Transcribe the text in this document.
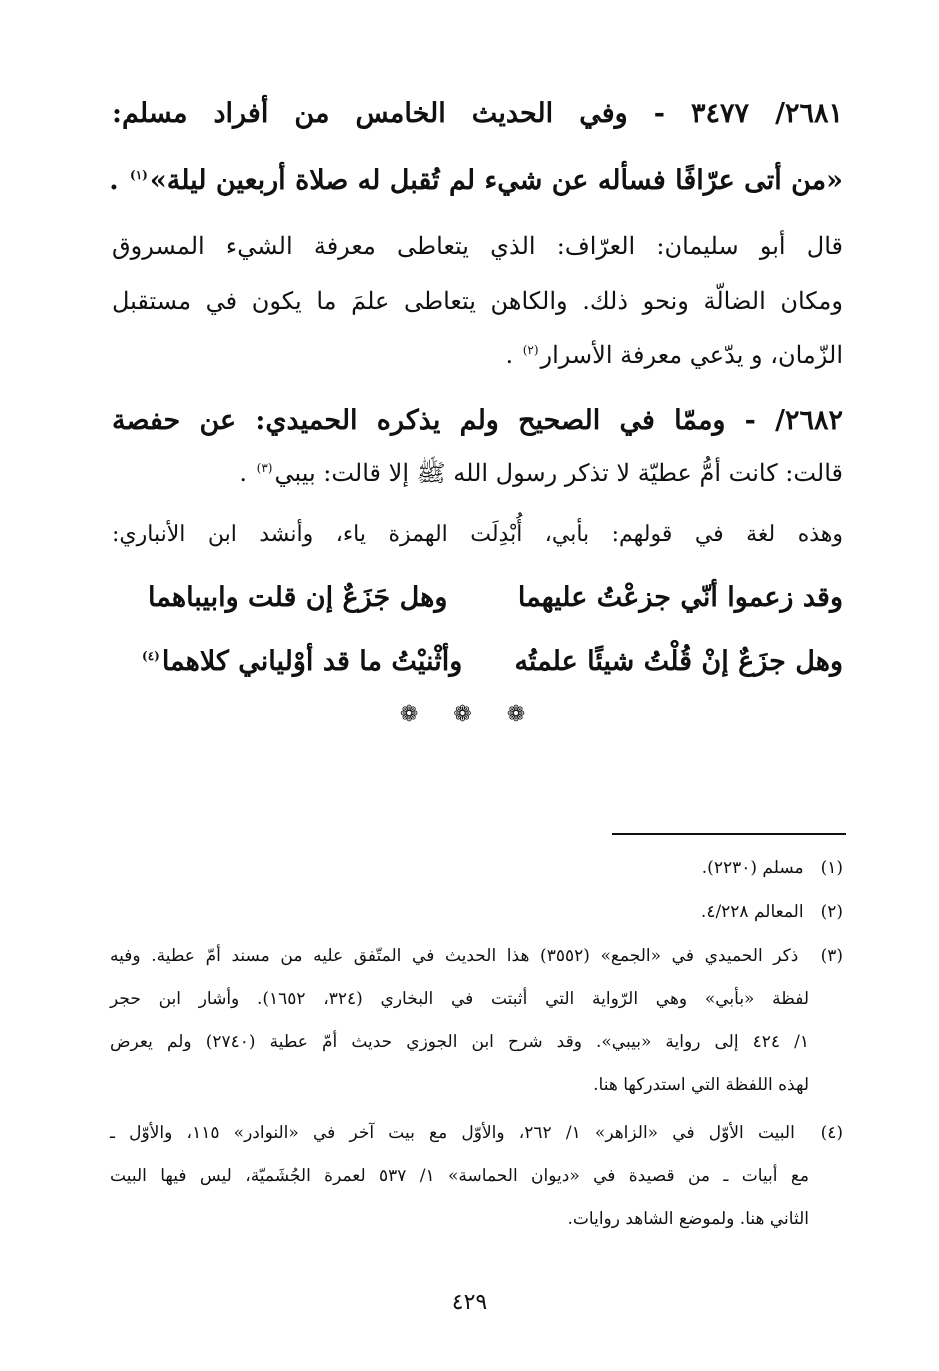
٢٦٨١/ ٣٤٧٧ - وفي الحديث الخامس من أفراد مسلم:
«من أتى عرّافًا فسأله عن شيء لم تُقبل له صلاة أربعين ليلة»$^{(١)}$ .
قال أبو سليمان: العرّاف: الذي يتعاطى معرفة الشيء المسروق
ومكان الضالّة ونحو ذلك. والكاهن يتعاطى علمَ ما يكون في مستقبل
الزّمان، و يدّعي معرفة الأسرار$^{(٢)}$ .
٢٦٨٢/ - وممّا في الصحيح ولم يذكره الحميدي: عن حفصة
قالت: كانت أمُّ عطيّة لا تذكر رسول الله ﷺ إلا قالت: بيبي$^{(٣)}$ .
وهذه لغة في قولهم: بأبي، أُبْدِلَت الهمزة ياء، وأنشد ابن الأنباري:
وقد زعموا أنّي جزعْتُ عليهما
وهل جَزَعٌ إن قلت وابيباهما
وهل جزَعٌ إنْ قُلْتُ شيئًا علمتُه
وأثْنيْتُ ما قد أوْلياني كلاهما$^{(٤)}$
❁ ❁ ❁
(١) مسلم (٢٢٣٠).
(٢) المعالم ٤/٢٢٨.
(٣) ذكر الحميدي في «الجمع» (٣٥٥٢) هذا الحديث في المتّفق عليه من مسند أمّ عطية. وفيه
لفظة «بأبي» وهي الرّواية التي أثبتت في البخاري (٣٢٤، ١٦٥٢). وأشار ابن حجر
١/ ٤٢٤ إلى رواية «بيبي». وقد شرح ابن الجوزي حديث أمّ عطية (٢٧٤٠) ولم يعرض
لهذه اللفظة التي استدركها هنا.
(٤) البيت الأوّل في «الزاهر» ١/ ٢٦٢، والأوّل مع بيت آخر في «النوادر» ١١٥، والأوّل ـ
مع أبيات ـ من قصيدة في «ديوان الحماسة» ١/ ٥٣٧ لعمرة الجُشَميّة، ليس فيها البيت
الثاني هنا. ولموضع الشاهد روايات.
٤٢٩
